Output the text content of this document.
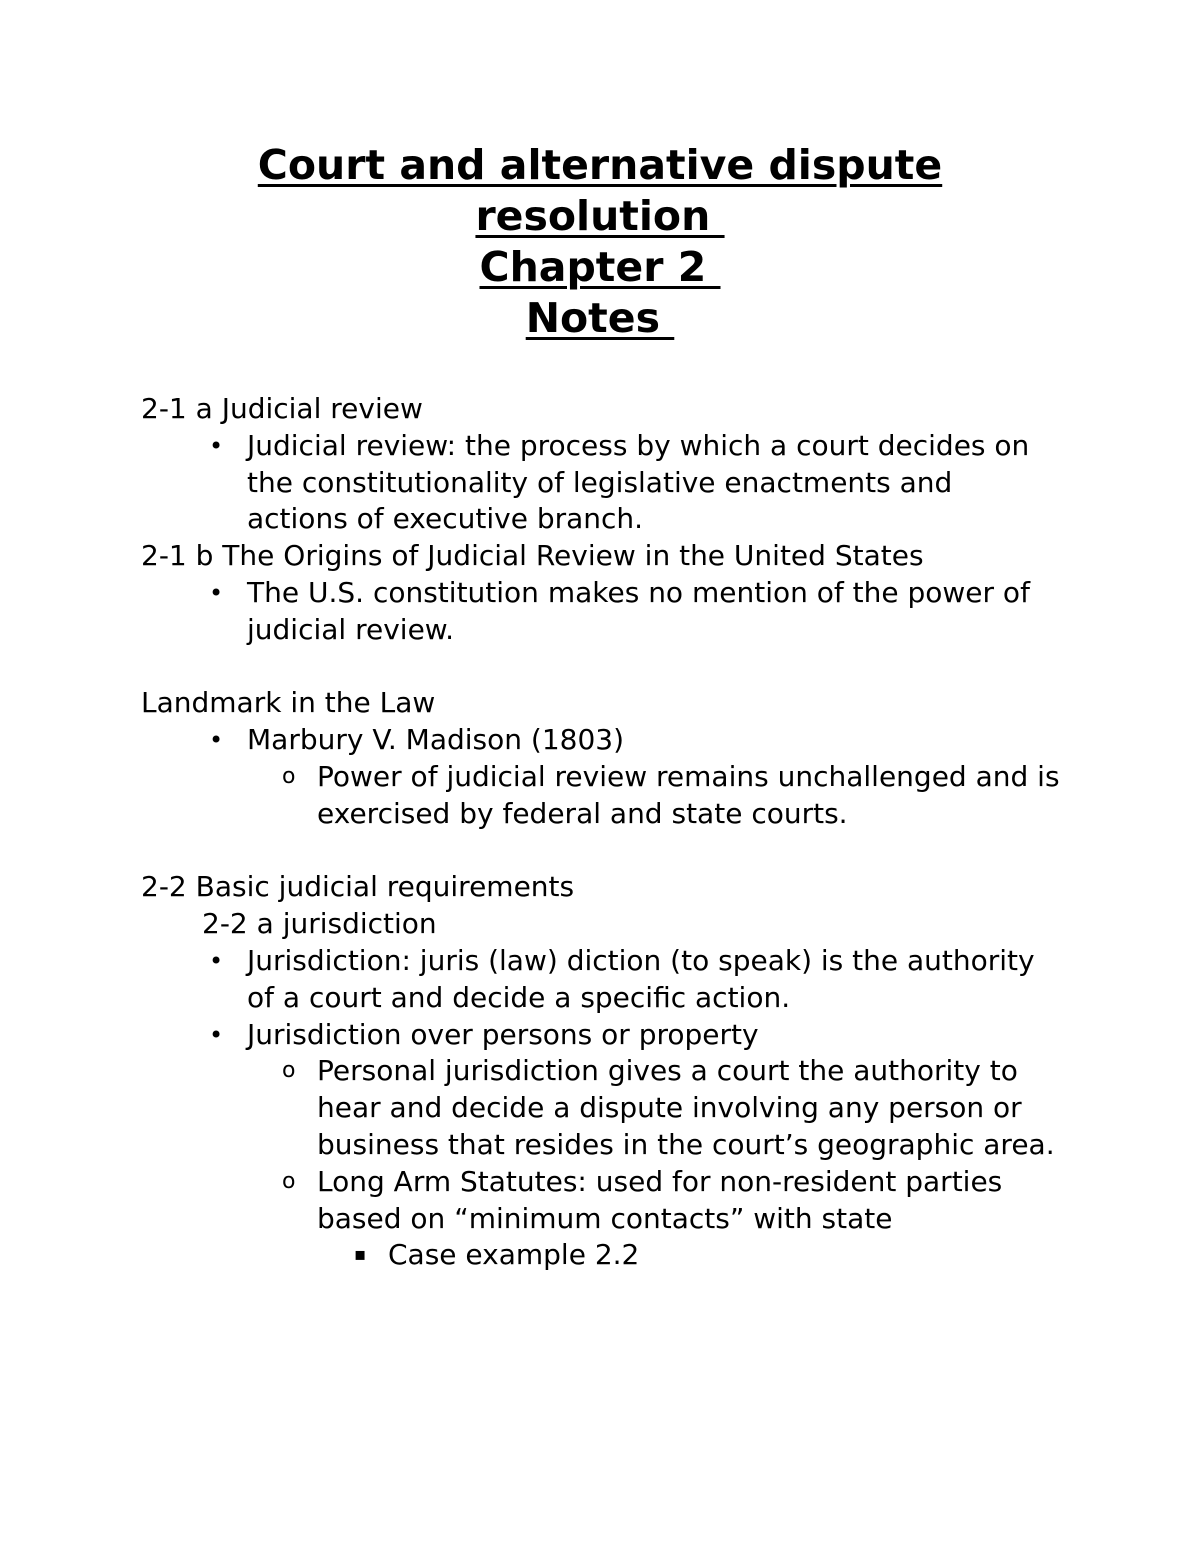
Court and alternative dispute
resolution
Chapter 2
Notes
2-1 a Judicial review
• Judicial review: the process by which a court decides on the constitutionality of legislative enactments and actions of executive branch.
2-1 b The Origins of Judicial Review in the United States
• The U.S. constitution makes no mention of the power of judicial review.
Landmark in the Law
• Marbury V. Madison (1803)
o Power of judicial review remains unchallenged and is exercised by federal and state courts.
2-2 Basic judicial requirements
2-2 a jurisdiction
• Jurisdiction: juris (law) diction (to speak) is the authority of a court and decide a specific action.
• Jurisdiction over persons or property
o Personal jurisdiction gives a court the authority to hear and decide a dispute involving any person or business that resides in the court’s geographic area.
o Long Arm Statutes: used for non-resident parties based on “minimum contacts” with state
▪ Case example 2.2
